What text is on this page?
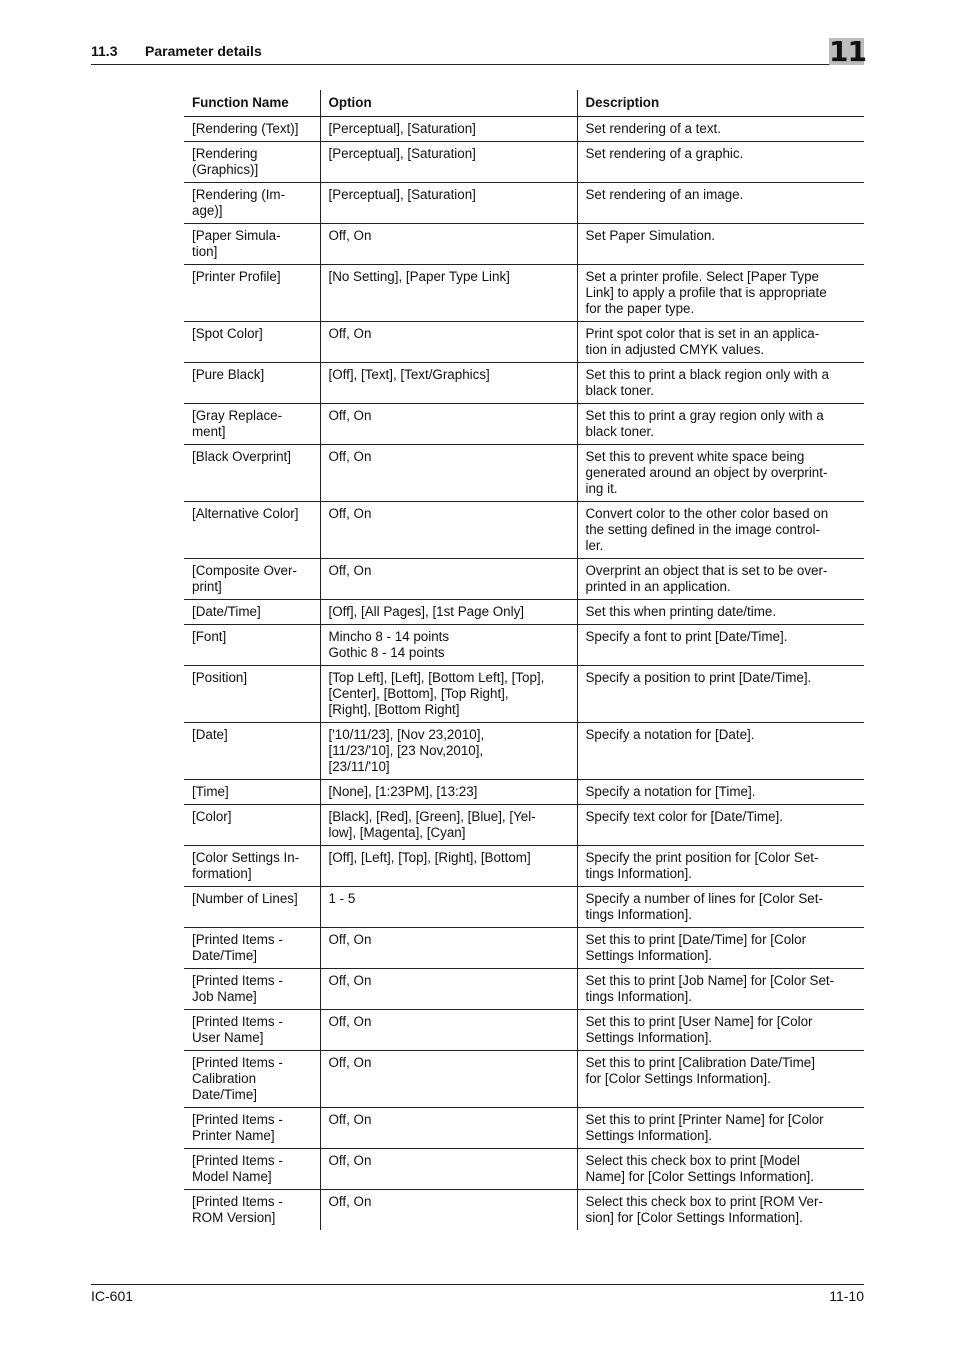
11.3 Parameter details	11
Function Name	Option	Description
[Rendering (Text)]	[Perceptual], [Saturation]	Set rendering of a text.
[Rendering
(Graphics)]	[Perceptual], [Saturation]	Set rendering of a graphic.
[Rendering (Im-
age)]	[Perceptual], [Saturation]	Set rendering of an image.
[Paper Simula-
tion]	Off, On	Set Paper Simulation.
[Printer Profile]	[No Setting], [Paper Type Link]	Set a printer profile. Select [Paper Type
Link] to apply a profile that is appropriate
for the paper type.
[Spot Color]	Off, On	Print spot color that is set in an applica-
tion in adjusted CMYK values.
[Pure Black]	[Off], [Text], [Text/Graphics]	Set this to print a black region only with a
black toner.
[Gray Replace-
ment]	Off, On	Set this to print a gray region only with a
black toner.
[Black Overprint]	Off, On	Set this to prevent white space being
generated around an object by overprint-
ing it.
[Alternative Color]	Off, On	Convert color to the other color based on
the setting defined in the image control-
ler.
[Composite Over-
print]	Off, On	Overprint an object that is set to be over-
printed in an application.
[Date/Time]	[Off], [All Pages], [1st Page Only]	Set this when printing date/time.
[Font]	Mincho 8 - 14 points
Gothic 8 - 14 points	Specify a font to print [Date/Time].
[Position]	[Top Left], [Left], [Bottom Left], [Top],
[Center], [Bottom], [Top Right],
[Right], [Bottom Right]	Specify a position to print [Date/Time].
[Date]	['10/11/23], [Nov 23,2010],
[11/23/'10], [23 Nov,2010],
[23/11/'10]	Specify a notation for [Date].
[Time]	[None], [1:23PM], [13:23]	Specify a notation for [Time].
[Color]	[Black], [Red], [Green], [Blue], [Yel-
low], [Magenta], [Cyan]	Specify text color for [Date/Time].
[Color Settings In-
formation]	[Off], [Left], [Top], [Right], [Bottom]	Specify the print position for [Color Set-
tings Information].
[Number of Lines]	1 - 5	Specify a number of lines for [Color Set-
tings Information].
[Printed Items -
Date/Time]	Off, On	Set this to print [Date/Time] for [Color
Settings Information].
[Printed Items -
Job Name]	Off, On	Set this to print [Job Name] for [Color Set-
tings Information].
[Printed Items -
User Name]	Off, On	Set this to print [User Name] for [Color
Settings Information].
[Printed Items -
Calibration
Date/Time]	Off, On	Set this to print [Calibration Date/Time]
for [Color Settings Information].
[Printed Items -
Printer Name]	Off, On	Set this to print [Printer Name] for [Color
Settings Information].
[Printed Items -
Model Name]	Off, On	Select this check box to print [Model
Name] for [Color Settings Information].
[Printed Items -
ROM Version]	Off, On	Select this check box to print [ROM Ver-
sion] for [Color Settings Information].
IC-601	11-10
